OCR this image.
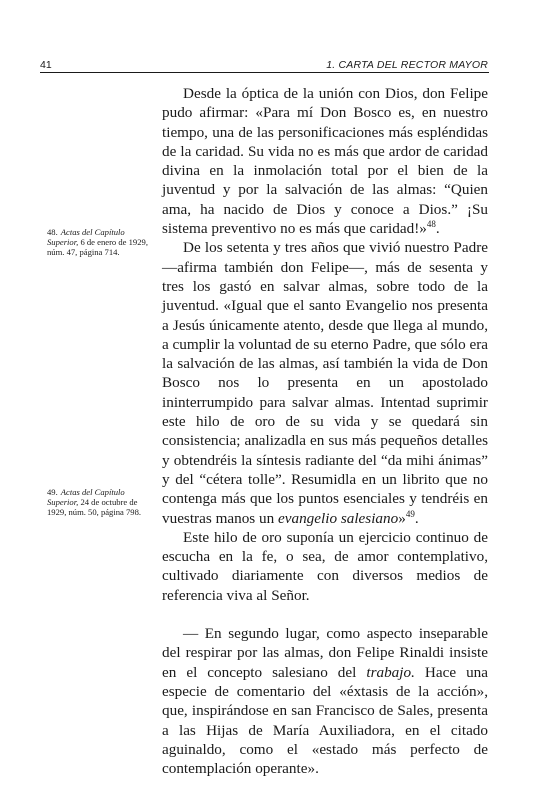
41	1. CARTA DEL RECTOR MAYOR
48. Actas del Capítulo Superior, 6 de enero de 1929, núm. 47, página 714.
49. Actas del Capítulo Superior, 24 de octubre de 1929, núm. 50, página 798.

Desde la óptica de la unión con Dios, don Felipe pudo afirmar: «Para mí Don Bosco es, en nuestro tiempo, una de las personificaciones más espléndidas de la caridad. Su vida no es más que ardor de caridad divina en la inmolación total por el bien de la juventud y por la salvación de las almas: “Quien ama, ha nacido de Dios y conoce a Dios.” ¡Su sistema preventivo no es más que caridad!»$^{48}$.

De los setenta y tres años que vivió nuestro Padre —afirma también don Felipe—, más de sesenta y tres los gastó en salvar almas, sobre todo de la juventud. «Igual que el santo Evangelio nos presenta a Jesús únicamente atento, desde que llega al mundo, a cumplir la voluntad de su eterno Padre, que sólo era la salvación de las almas, así también la vida de Don Bosco nos lo presenta en un apostolado ininterrumpido para salvar almas. Intentad suprimir este hilo de oro de su vida y se quedará sin consistencia; analizadla en sus más pequeños detalles y obtendréis la síntesis radiante del “da mihi ánimas” y del “cétera tolle”. Resumidla en un librito que no contenga más que los puntos esenciales y tendréis en vuestras manos un evangelio salesiano»$^{49}$.

Este hilo de oro suponía un ejercicio continuo de escucha en la fe, o sea, de amor contemplativo, cultivado diariamente con diversos medios de referencia viva al Señor.

— En segundo lugar, como aspecto inseparable del respirar por las almas, don Felipe Rinaldi insiste en el concepto salesiano del trabajo. Hace una especie de comentario del «éxtasis de la acción», que, inspirándose en san Francisco de Sales, presenta a las Hijas de María Auxiliadora, en el citado aguinaldo, como el «estado más perfecto de contemplación operante».
